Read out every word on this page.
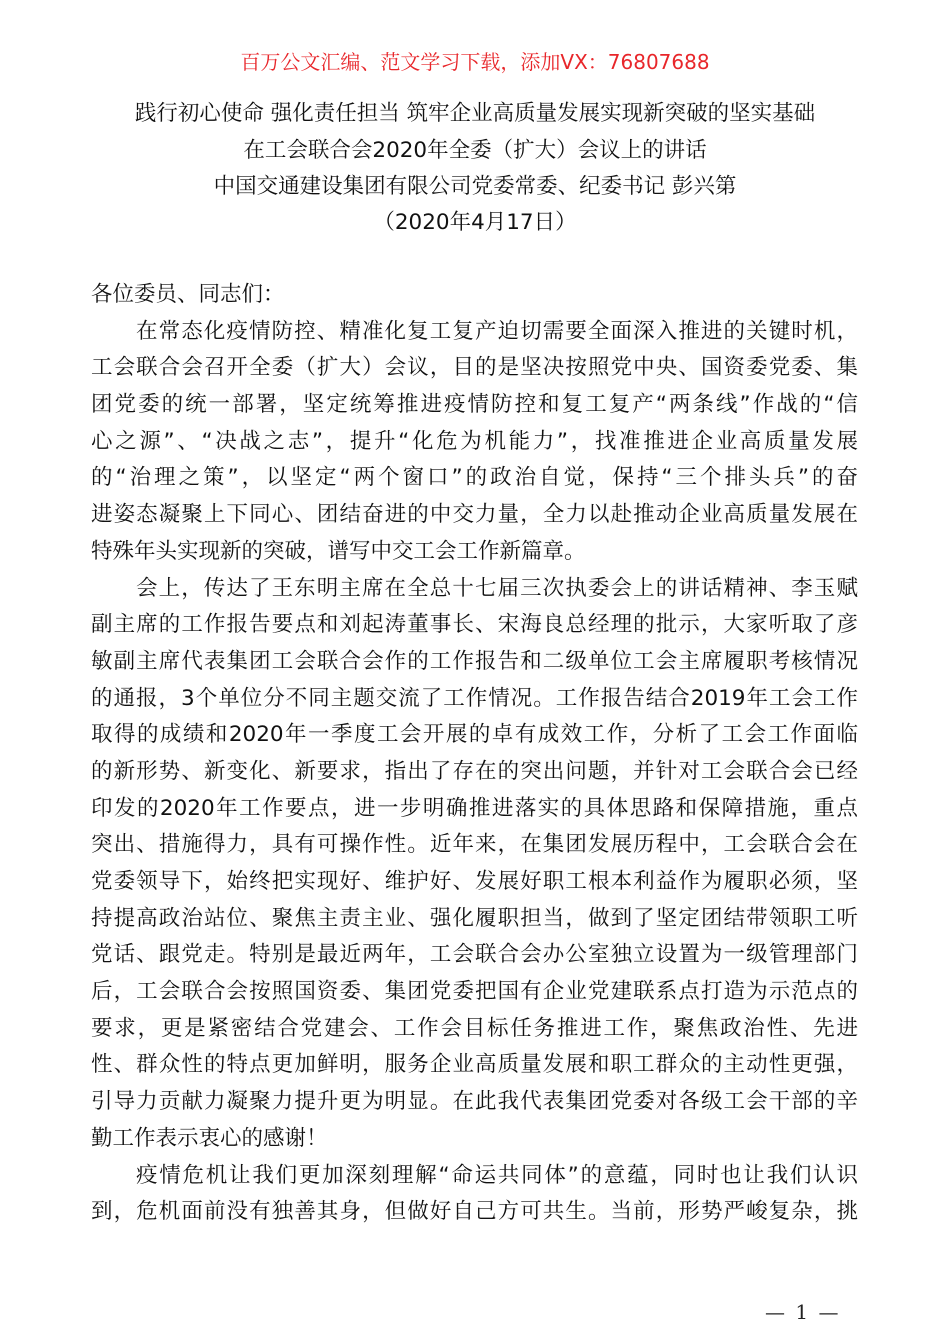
百万公文汇编、范文学习下载，添加VX：76807688
践行初心使命 强化责任担当 筑牢企业高质量发展实现新突破的坚实基础
在工会联合会2020年全委（扩大）会议上的讲话
中国交通建设集团有限公司党委常委、纪委书记 彭兴第
（2020年4月17日）
各位委员、同志们：
在常态化疫情防控、精准化复工复产迫切需要全面深入推进的关键时机，
工会联合会召开全委（扩大）会议，目的是坚决按照党中央、国资委党委、集
团党委的统一部署，坚定统筹推进疫情防控和复工复产“两条线”作战的“信
心之源”、“决战之志”，提升“化危为机能力”，找准推进企业高质量发展
的“治理之策”，以坚定“两个窗口”的政治自觉，保持“三个排头兵”的奋
进姿态凝聚上下同心、团结奋进的中交力量，全力以赴推动企业高质量发展在
特殊年头实现新的突破，谱写中交工会工作新篇章。
会上，传达了王东明主席在全总十七届三次执委会上的讲话精神、李玉赋
副主席的工作报告要点和刘起涛董事长、宋海良总经理的批示，大家听取了彦
敏副主席代表集团工会联合会作的工作报告和二级单位工会主席履职考核情况
的通报，3个单位分不同主题交流了工作情况。工作报告结合2019年工会工作
取得的成绩和2020年一季度工会开展的卓有成效工作，分析了工会工作面临
的新形势、新变化、新要求，指出了存在的突出问题，并针对工会联合会已经
印发的2020年工作要点，进一步明确推进落实的具体思路和保障措施，重点
突出、措施得力，具有可操作性。近年来，在集团发展历程中，工会联合会在
党委领导下，始终把实现好、维护好、发展好职工根本利益作为履职必须，坚
持提高政治站位、聚焦主责主业、强化履职担当，做到了坚定团结带领职工听
党话、跟党走。特别是最近两年，工会联合会办公室独立设置为一级管理部门
后，工会联合会按照国资委、集团党委把国有企业党建联系点打造为示范点的
要求，更是紧密结合党建会、工作会目标任务推进工作，聚焦政治性、先进
性、群众性的特点更加鲜明，服务企业高质量发展和职工群众的主动性更强，
引导力贡献力凝聚力提升更为明显。在此我代表集团党委对各级工会干部的辛
勤工作表示衷心的感谢！
疫情危机让我们更加深刻理解“命运共同体”的意蕴，同时也让我们认识
到，危机面前没有独善其身，但做好自己方可共生。当前，形势严峻复杂，挑
— 1 —
